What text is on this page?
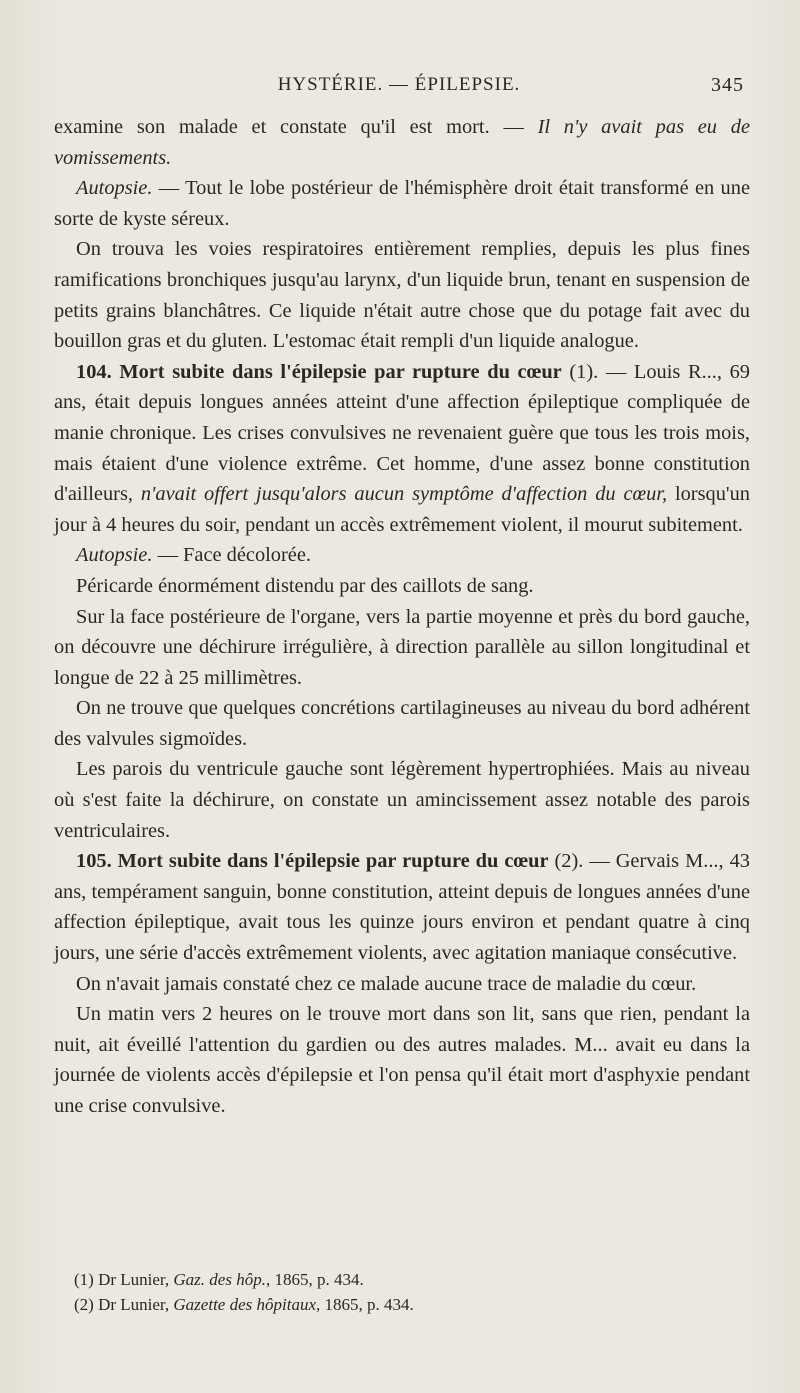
HYSTÉRIE. — ÉPILEPSIE.	345

examine son malade et constate qu'il est mort. — Il n'y avait pas eu de vomissements.

Autopsie. — Tout le lobe postérieur de l'hémisphère droit était transformé en une sorte de kyste séreux.

On trouva les voies respiratoires entièrement remplies, depuis les plus fines ramifications bronchiques jusqu'au larynx, d'un liquide brun, tenant en suspension de petits grains blanchâtres. Ce liquide n'était autre chose que du potage fait avec du bouillon gras et du gluten. L'estomac était rempli d'un liquide analogue.

104. Mort subite dans l'épilepsie par rupture du cœur (1). — Louis R..., 69 ans, était depuis longues années atteint d'une affection épileptique compliquée de manie chronique. Les crises convulsives ne revenaient guère que tous les trois mois, mais étaient d'une violence extrême. Cet homme, d'une assez bonne constitution d'ailleurs, n'avait offert jusqu'alors aucun symptôme d'affection du cœur, lorsqu'un jour à 4 heures du soir, pendant un accès extrêmement violent, il mourut subitement.

Autopsie. — Face décolorée.

Péricarde énormément distendu par des caillots de sang.

Sur la face postérieure de l'organe, vers la partie moyenne et près du bord gauche, on découvre une déchirure irrégulière, à direction parallèle au sillon longitudinal et longue de 22 à 25 millimètres.

On ne trouve que quelques concrétions cartilagineuses au niveau du bord adhérent des valvules sigmoïdes.

Les parois du ventricule gauche sont légèrement hypertrophiées. Mais au niveau où s'est faite la déchirure, on constate un amincissement assez notable des parois ventriculaires.

105. Mort subite dans l'épilepsie par rupture du cœur (2). — Gervais M..., 43 ans, tempérament sanguin, bonne constitution, atteint depuis de longues années d'une affection épileptique, avait tous les quinze jours environ et pendant quatre à cinq jours, une série d'accès extrêmement violents, avec agitation maniaque consécutive.

On n'avait jamais constaté chez ce malade aucune trace de maladie du cœur.

Un matin vers 2 heures on le trouve mort dans son lit, sans que rien, pendant la nuit, ait éveillé l'attention du gardien ou des autres malades. M... avait eu dans la journée de violents accès d'épilepsie et l'on pensa qu'il était mort d'asphyxie pendant une crise convulsive.

(1) Dr Lunier, Gaz. des hôp., 1865, p. 434.

(2) Dr Lunier, Gazette des hôpitaux, 1865, p. 434.
